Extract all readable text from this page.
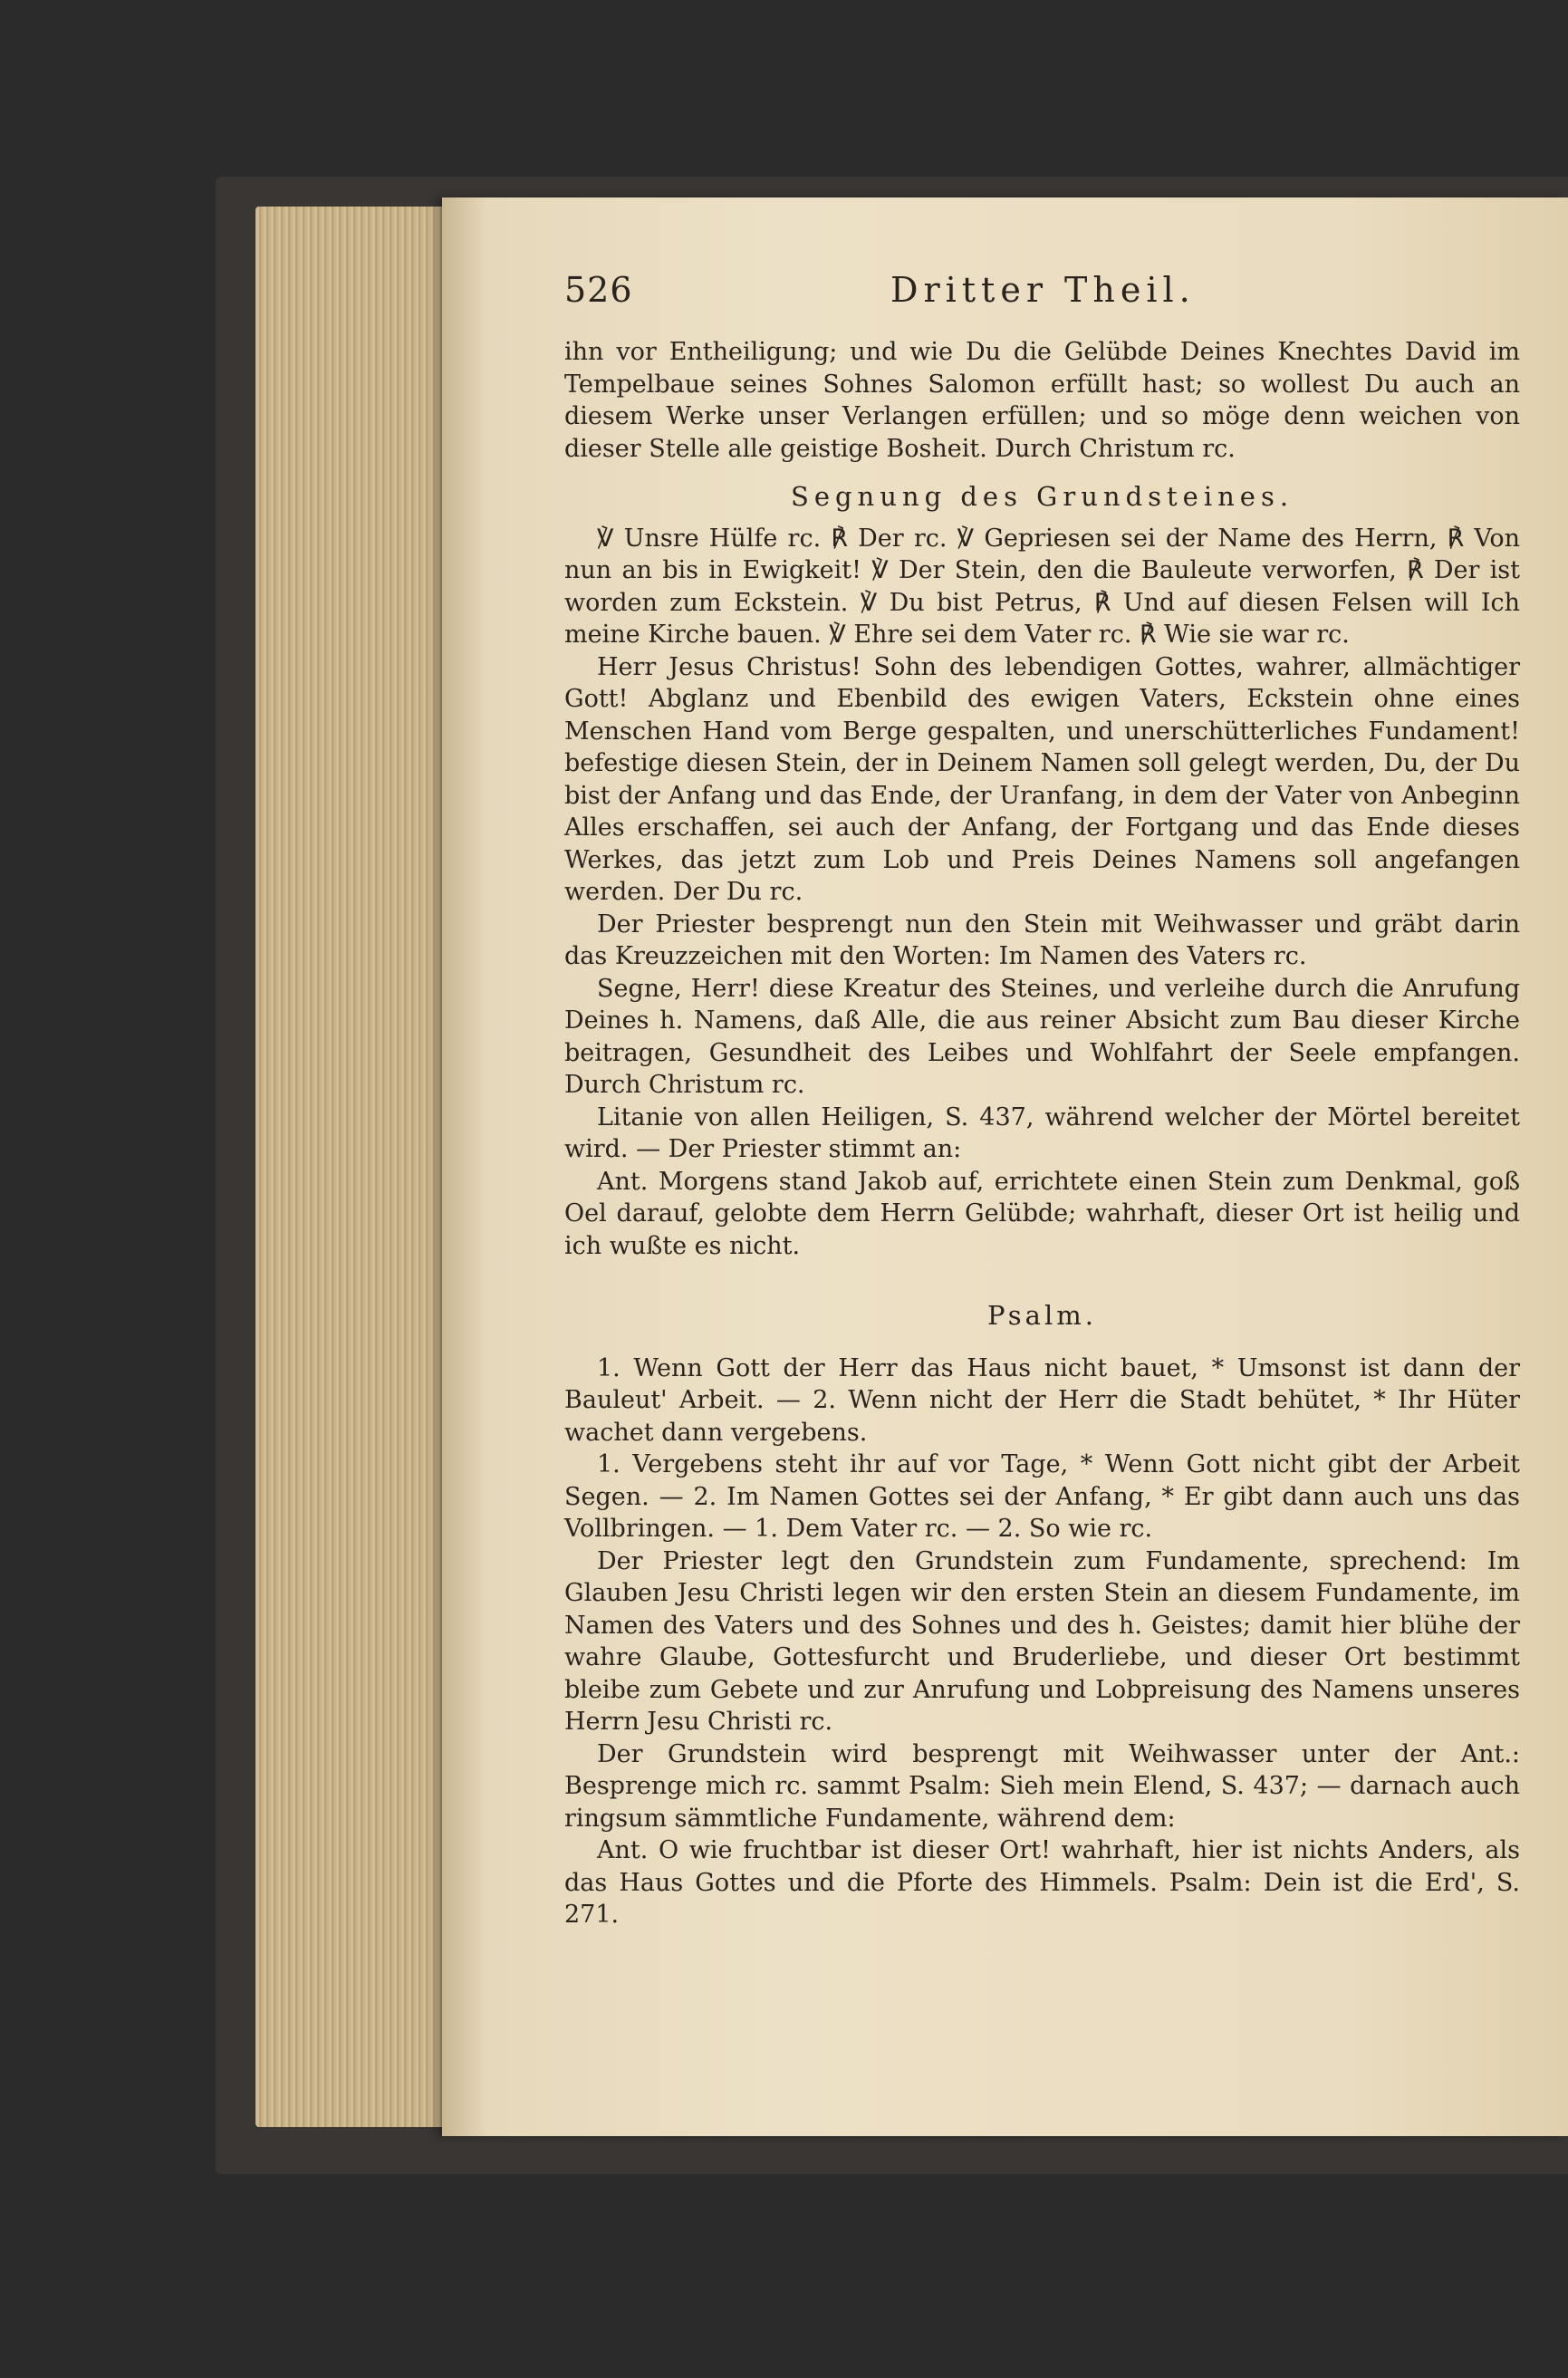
526	Dritter Theil.

ihn vor Entheiligung; und wie Du die Gelübde Deines Knechtes David im Tempelbaue seines Sohnes Salomon erfüllt hast; so wollest Du auch an diesem Werke unser Verlangen erfüllen; und so möge denn weichen von dieser Stelle alle geistige Bosheit. Durch Christum rc.

Segnung des Grundsteines.

℣ Unsre Hülfe rc. ℟ Der rc. ℣ Gepriesen sei der Name des Herrn, ℟ Von nun an bis in Ewigkeit! ℣ Der Stein, den die Bauleute verworfen, ℟ Der ist worden zum Eckstein. ℣ Du bist Petrus, ℟ Und auf diesen Felsen will Ich meine Kirche bauen. ℣ Ehre sei dem Vater rc. ℟ Wie sie war rc.

Herr Jesus Christus! Sohn des lebendigen Gottes, wahrer, allmächtiger Gott! Abglanz und Ebenbild des ewigen Vaters, Eckstein ohne eines Menschen Hand vom Berge gespalten, und unerschütterliches Fundament! befestige diesen Stein, der in Deinem Namen soll gelegt werden, Du, der Du bist der Anfang und das Ende, der Uranfang, in dem der Vater von Anbeginn Alles erschaffen, sei auch der Anfang, der Fortgang und das Ende dieses Werkes, das jetzt zum Lob und Preis Deines Namens soll angefangen werden. Der Du rc.

Der Priester besprengt nun den Stein mit Weihwasser und gräbt darin das Kreuzzeichen mit den Worten: Im Namen des Vaters rc.

Segne, Herr! diese Kreatur des Steines, und verleihe durch die Anrufung Deines h. Namens, daß Alle, die aus reiner Absicht zum Bau dieser Kirche beitragen, Gesundheit des Leibes und Wohlfahrt der Seele empfangen. Durch Christum rc.

Litanie von allen Heiligen, S. 437, während welcher der Mörtel bereitet wird. — Der Priester stimmt an:

Ant. Morgens stand Jakob auf, errichtete einen Stein zum Denkmal, goß Oel darauf, gelobte dem Herrn Gelübde; wahrhaft, dieser Ort ist heilig und ich wußte es nicht.

Psalm.

1. Wenn Gott der Herr das Haus nicht bauet, * Umsonst ist dann der Bauleut' Arbeit. — 2. Wenn nicht der Herr die Stadt behütet, * Ihr Hüter wachet dann vergebens.

1. Vergebens steht ihr auf vor Tage, * Wenn Gott nicht gibt der Arbeit Segen. — 2. Im Namen Gottes sei der Anfang, * Er gibt dann auch uns das Vollbringen. — 1. Dem Vater rc. — 2. So wie rc.

Der Priester legt den Grundstein zum Fundamente, sprechend: Im Glauben Jesu Christi legen wir den ersten Stein an diesem Fundamente, im Namen des Vaters und des Sohnes und des h. Geistes; damit hier blühe der wahre Glaube, Gottesfurcht und Bruderliebe, und dieser Ort bestimmt bleibe zum Gebete und zur Anrufung und Lobpreisung des Namens unseres Herrn Jesu Christi rc.

Der Grundstein wird besprengt mit Weihwasser unter der Ant.: Besprenge mich rc. sammt Psalm: Sieh mein Elend, S. 437; — darnach auch ringsum sämmtliche Fundamente, während dem:

Ant. O wie fruchtbar ist dieser Ort! wahrhaft, hier ist nichts Anders, als das Haus Gottes und die Pforte des Himmels. Psalm: Dein ist die Erd', S. 271.
